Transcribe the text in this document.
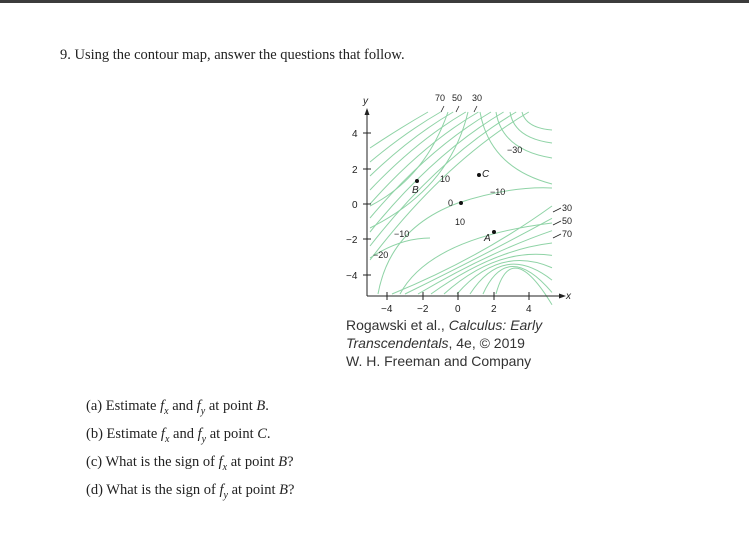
9. Using the contour map, answer the questions that follow.
y
x
4
2
0
−2
−4
−4 −2	0	2	4
70 50 30
30
50
70
10
0
10
−10
−10
−20
−30
B
C
A
Rogawski et al., Calculus: Early
Transcendentals, 4e, © 2019
W. H. Freeman and Company
(a) Estimate $f_x$ and $f_y$ at point B.
(b) Estimate $f_x$ and $f_y$ at point C.
(c) What is the sign of $f_x$ at point B?
(d) What is the sign of $f_y$ at point B?
